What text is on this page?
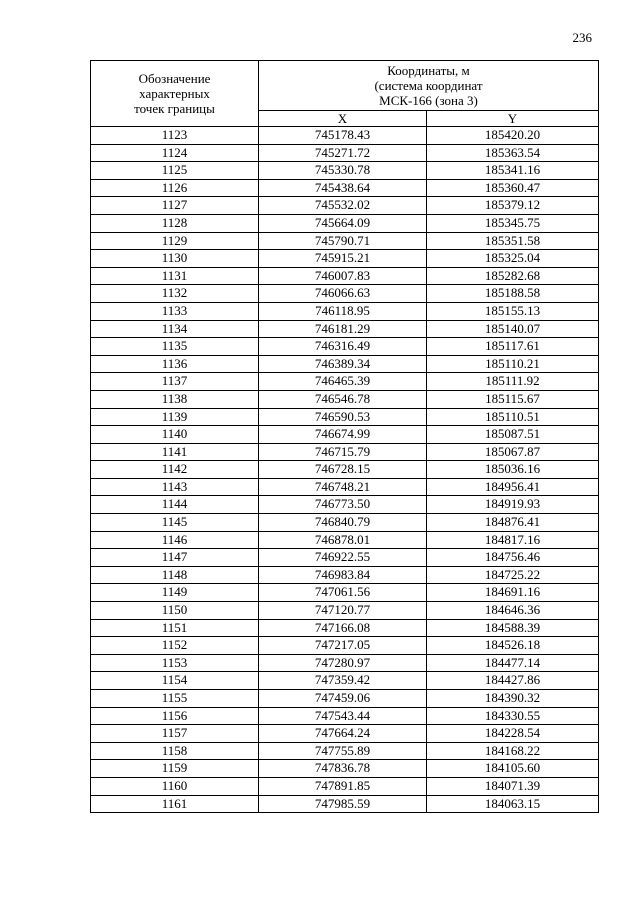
236
Обозначение
характерных
точек границы	Координаты, м
(система координат
МСК-166 (зона 3)	
	X	Y
1123	745178.43	185420.20
1124	745271.72	185363.54
1125	745330.78	185341.16
1126	745438.64	185360.47
1127	745532.02	185379.12
1128	745664.09	185345.75
1129	745790.71	185351.58
1130	745915.21	185325.04
1131	746007.83	185282.68
1132	746066.63	185188.58
1133	746118.95	185155.13
1134	746181.29	185140.07
1135	746316.49	185117.61
1136	746389.34	185110.21
1137	746465.39	185111.92
1138	746546.78	185115.67
1139	746590.53	185110.51
1140	746674.99	185087.51
1141	746715.79	185067.87
1142	746728.15	185036.16
1143	746748.21	184956.41
1144	746773.50	184919.93
1145	746840.79	184876.41
1146	746878.01	184817.16
1147	746922.55	184756.46
1148	746983.84	184725.22
1149	747061.56	184691.16
1150	747120.77	184646.36
1151	747166.08	184588.39
1152	747217.05	184526.18
1153	747280.97	184477.14
1154	747359.42	184427.86
1155	747459.06	184390.32
1156	747543.44	184330.55
1157	747664.24	184228.54
1158	747755.89	184168.22
1159	747836.78	184105.60
1160	747891.85	184071.39
1161	747985.59	184063.15
